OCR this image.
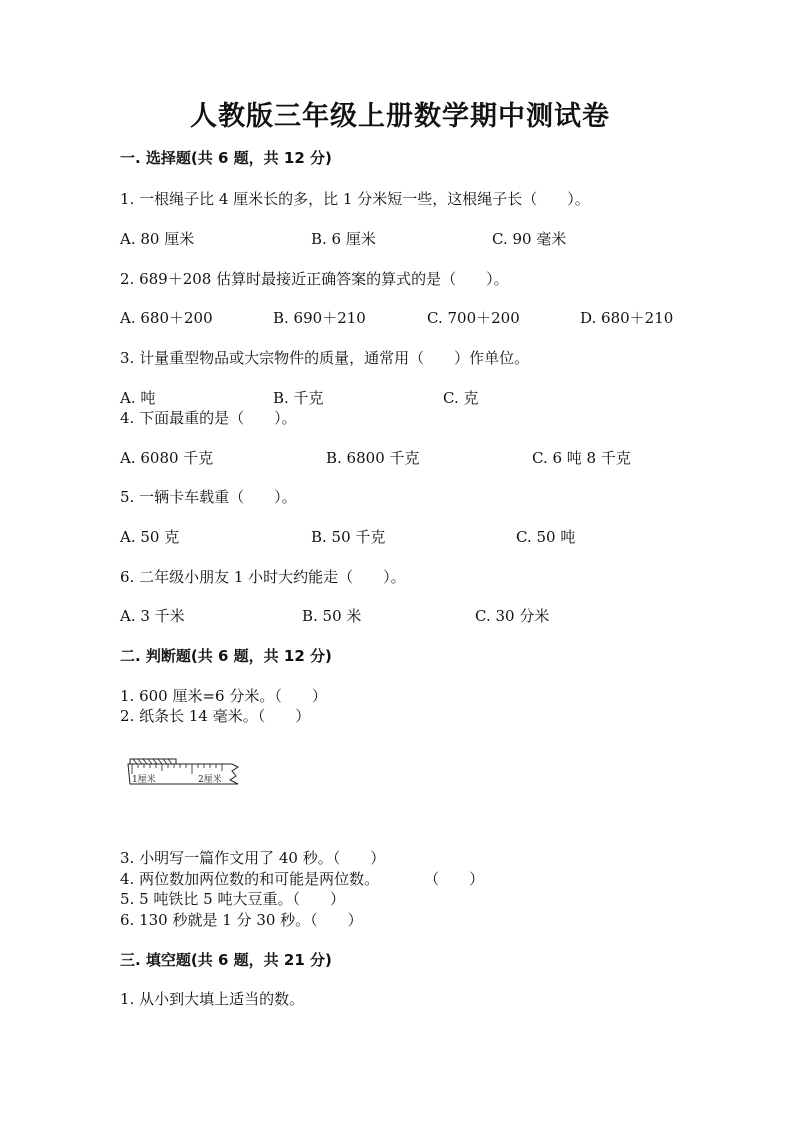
人教版三年级上册数学期中测试卷
一. 选择题(共 6 题，共 12 分)
1. 一根绳子比 4 厘米长的多，比 1 分米短一些，这根绳子长（　　）。
A. 80 厘米	B. 6 厘米	C. 90 毫米
2. 689＋208 估算时最接近正确答案的算式的是（　　）。
A. 680＋200	B. 690＋210	C. 700＋200	D. 680＋210
3. 计量重型物品或大宗物件的质量，通常用（　　）作单位。
A. 吨	B. 千克	C. 克
4. 下面最重的是（　　）。
A. 6080 千克	B. 6800 千克	C. 6 吨 8 千克
5. 一辆卡车载重（　　）。
A. 50 克	B. 50 千克	C. 50 吨
6. 二年级小朋友 1 小时大约能走（　　）。
A. 3 千米	B. 50 米	C. 30 分米
二. 判断题(共 6 题，共 12 分)
1. 600 厘米=6 分米。（　　）
2. 纸条长 14 毫米。（　　）
1厘米	2厘米
3. 小明写一篇作文用了 40 秒。（　　）
4. 两位数加两位数的和可能是两位数。　　　　（　　）
5. 5 吨铁比 5 吨大豆重。（　　）
6. 130 秒就是 1 分 30 秒。（　　）
三. 填空题(共 6 题，共 21 分)
1. 从小到大填上适当的数。
